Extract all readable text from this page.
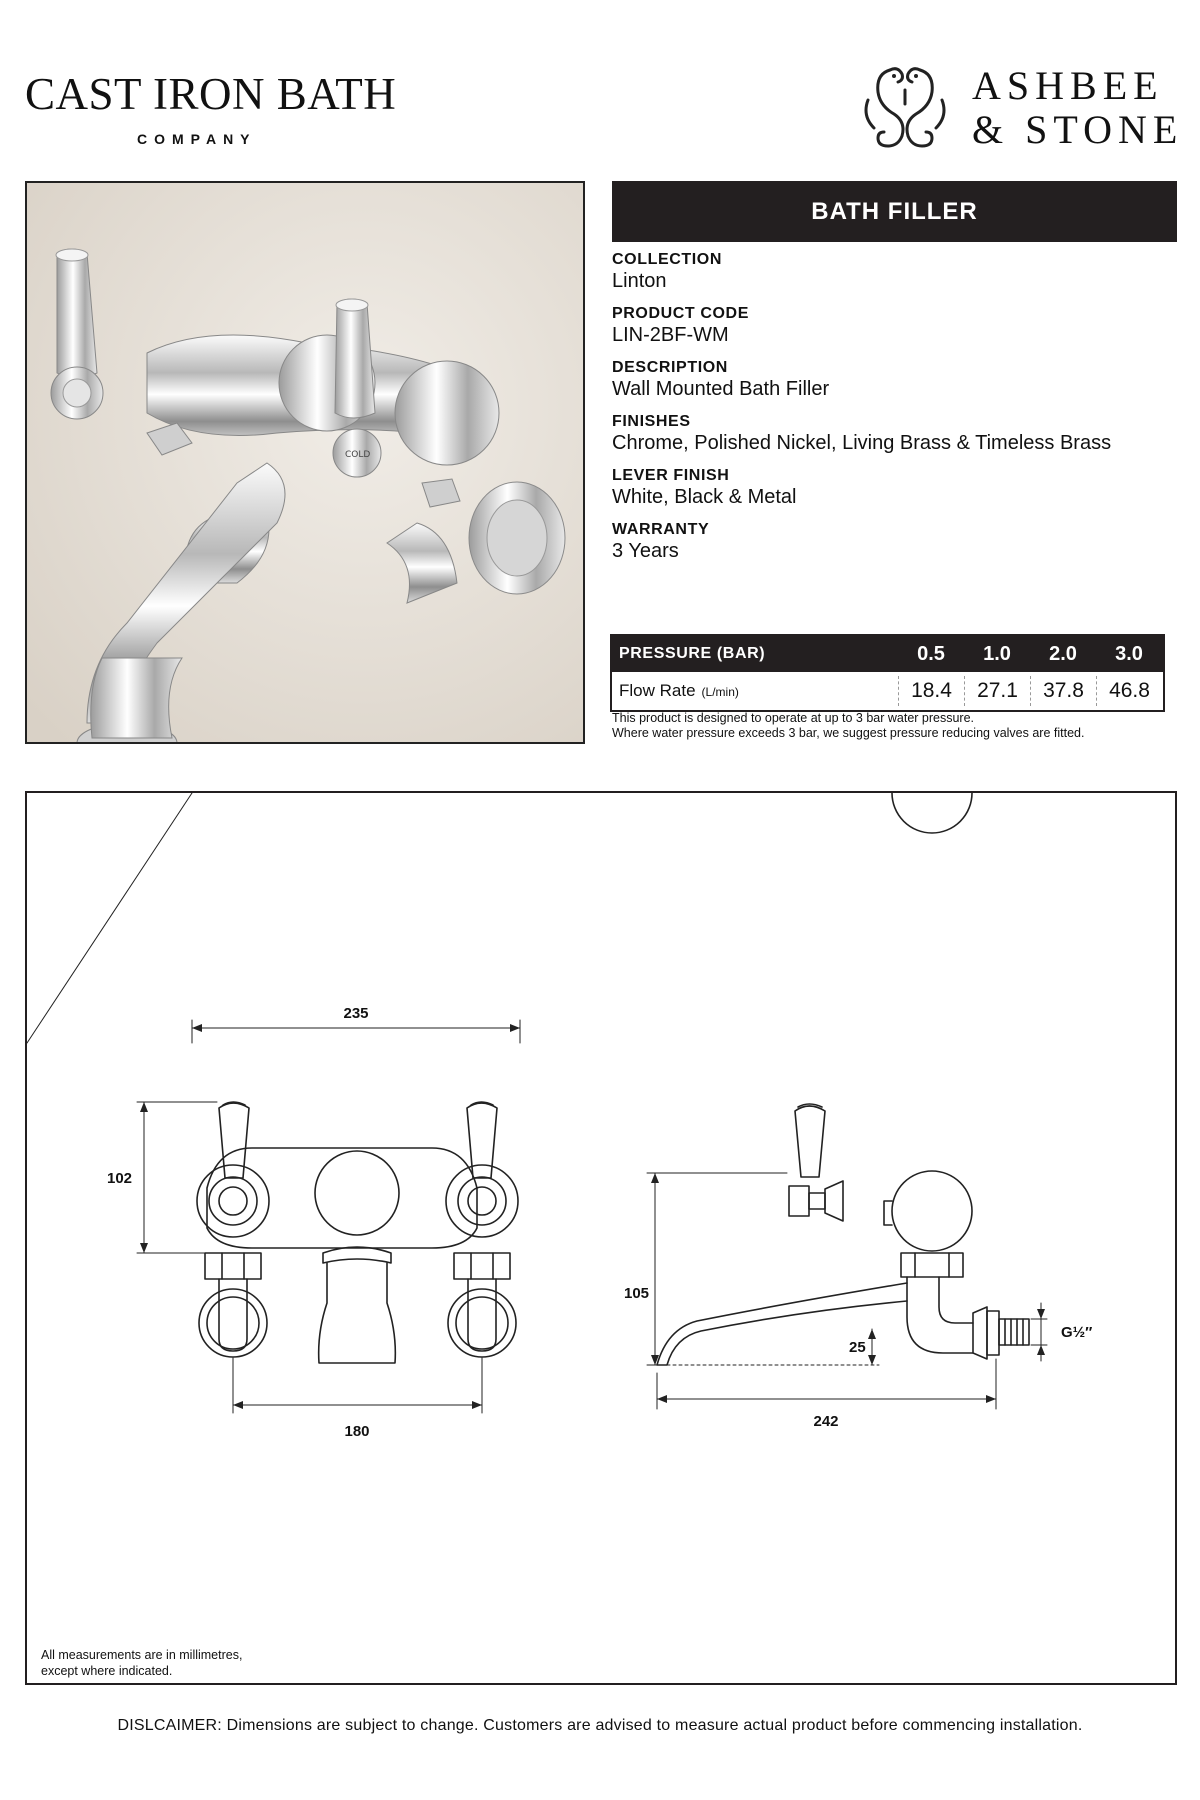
CAST IRON BATH
COMPANY
ASHBEE
& STONE
COLD
BATH FILLER
COLLECTION
Linton
PRODUCT CODE
LIN-2BF-WM
DESCRIPTION
Wall Mounted Bath Filler
FINISHES
Chrome, Polished Nickel, Living Brass & Timeless Brass
LEVER FINISH
White, Black & Metal
WARRANTY
3 Years
PRESSURE (BAR)	0.5	1.0	2.0	3.0
Flow Rate (L/min)	18.4	27.1	37.8	46.8
This product is designed to operate at up to 3 bar water pressure.
Where water pressure exceeds 3 bar, we suggest pressure reducing valves are fitted.
235
102
180
105
25
242
G½″
All measurements are in millimetres,
except where indicated.
DISLCAIMER: Dimensions are subject to change. Customers are advised to measure actual product before commencing installation.
